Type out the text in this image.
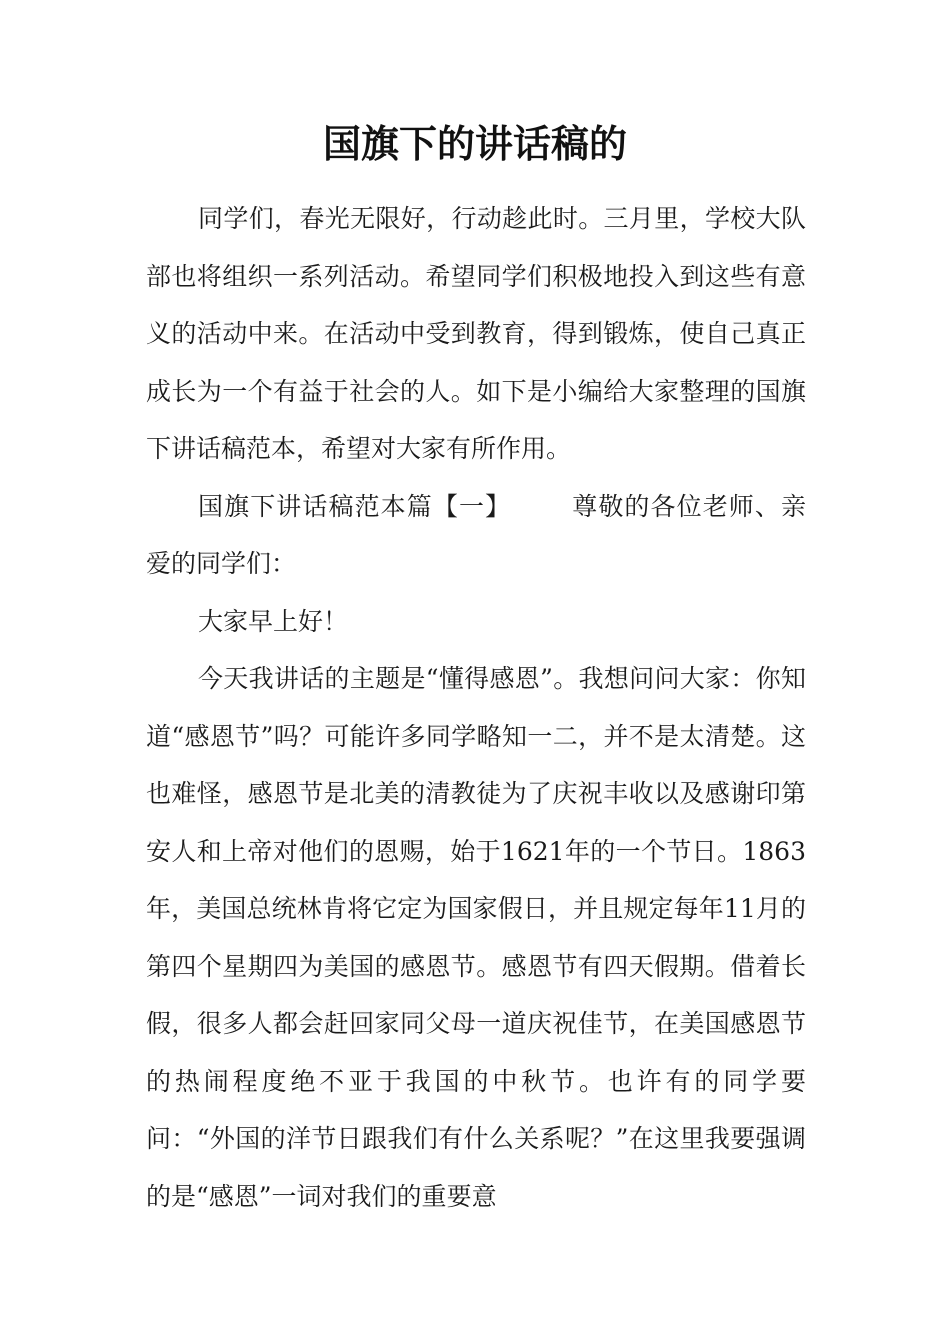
国旗下的讲话稿的

同学们，春光无限好，行动趁此时。三月里，学校大队部也将组织一系列活动。希望同学们积极地投入到这些有意义的活动中来。在活动中受到教育，得到锻炼，使自己真正成长为一个有益于社会的人。如下是小编给大家整理的国旗下讲话稿范本，希望对大家有所作用。

国旗下讲话稿范本篇【一】 尊敬的各位老师、亲爱的同学们：

大家早上好！

今天我讲话的主题是“懂得感恩”。我想问问大家：你知道“感恩节”吗？可能许多同学略知一二，并不是太清楚。这也难怪，感恩节是北美的清教徒为了庆祝丰收以及感谢印第安人和上帝对他们的恩赐，始于1621年的一个节日。1863年，美国总统林肯将它定为国家假日，并且规定每年11月的第四个星期四为美国的感恩节。感恩节有四天假期。借着长假，很多人都会赶回家同父母一道庆祝佳节，在美国感恩节的热闹程度绝不亚于我国的中秋节。也许有的同学要问：“外国的洋节日跟我们有什么关系呢？”在这里我要强调的是“感恩”一词对我们的重要意
